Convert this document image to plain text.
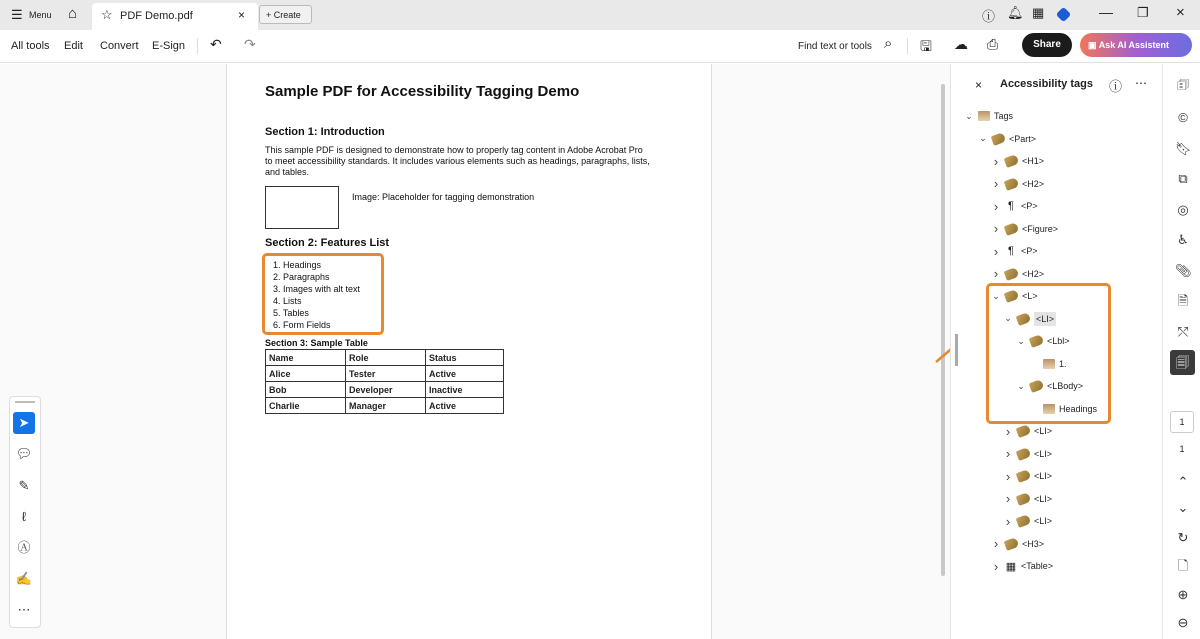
☰ Menu ⌂ ☆ PDF Demo.pdf	×	+ Create	ⓘ 🔔︎ ▦	— ❐ ×
All tools Edit Convert E-Sign ↶ ↷	Find text or tools ⌕ 🖫 ☁ ⎙	Share	▣ Ask AI Assistent
Sample PDF for Accessibility Tagging Demo
Section 1: Introduction
This sample PDF is designed to demonstrate how to properly tag content in Adobe Acrobat Pro
to meet accessibility standards. It includes various elements such as headings, paragraphs, lists,
and tables.
Image: Placeholder for tagging demonstration
Section 2: Features List
1. Headings
2. Paragraphs
3. Images with alt text
4. Lists
5. Tables
6. Form Fields
Section 3: Sample Table
Name	Role	Status
Alice	Tester	Active
Bob	Developer	Inactive
Charlie	Manager	Active
➤
💬︎
✎
ℓ
Ⓐ
✍
⋯
× Accessibility tags ⓘ ⋯
⌄ Tags
⌄ <Part>
›	<H1>
›	<H2>
› ¶ <P>
›	<Figure>
› ¶ <P>
›	<H2>
⌄ <L>
⌄	<LI>
⌄ <Lbl>
1.
⌄ <LBody>
Headings
›	<LI>
›	<LI>
›	<LI>
›	<LI>
›	<LI>
›	<H3>
› ▦ <Table>
🗊
©
🔖︎
⧉
◎
♿︎
📎︎
🗎
⤲
🗐
1
1
⌃
⌄
↻
🗋
⊕
⊖
